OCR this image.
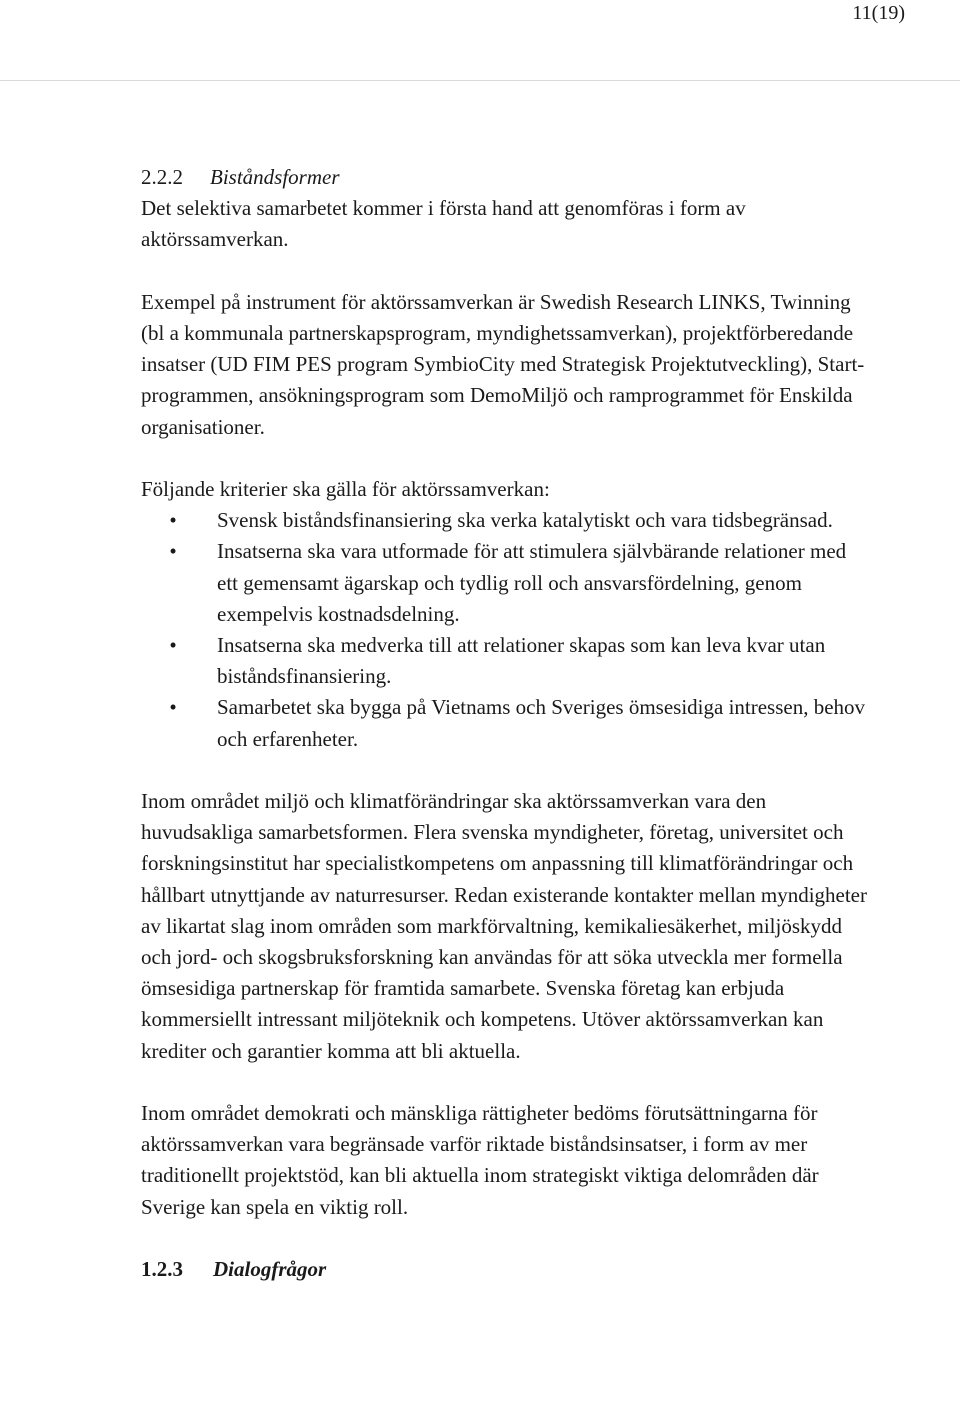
11(19)
2.2.2 Biståndsformer

Det selektiva samarbetet kommer i första hand att genomföras i form av aktörssamverkan.

Exempel på instrument för aktörssamverkan är Swedish Research LINKS, Twinning (bl a kommunala partnerskapsprogram, myndighetssamverkan), projektförberedande insatser (UD FIM PES program SymbioCity med Strategisk Projektutveckling), Start-programmen, ansökningsprogram som DemoMiljö och ramprogrammet för Enskilda organisationer.

Följande kriterier ska gälla för aktörssamverkan:

•	Svensk biståndsfinansiering ska verka katalytiskt och vara tidsbegränsad.
•	Insatserna ska vara utformade för att stimulera självbärande relationer med ett gemensamt ägarskap och tydlig roll och ansvarsfördelning, genom exempelvis kostnadsdelning.
•	Insatserna ska medverka till att relationer skapas som kan leva kvar utan biståndsfinansiering.
•	Samarbetet ska bygga på Vietnams och Sveriges ömsesidiga intressen, behov och erfarenheter.

Inom området miljö och klimatförändringar ska aktörssamverkan vara den huvudsakliga samarbetsformen. Flera svenska myndigheter, företag, universitet och forskningsinstitut har specialistkompetens om anpassning till klimatförändringar och hållbart utnyttjande av naturresurser. Redan existerande kontakter mellan myndigheter av likartat slag inom områden som markförvaltning, kemikaliesäkerhet, miljöskydd och jord- och skogsbruksforskning kan användas för att söka utveckla mer formella ömsesidiga partnerskap för framtida samarbete. Svenska företag kan erbjuda kommersiellt intressant miljöteknik och kompetens. Utöver aktörssamverkan kan krediter och garantier komma att bli aktuella.

Inom området demokrati och mänskliga rättigheter bedöms förutsättningarna för aktörssamverkan vara begränsade varför riktade biståndsinsatser, i form av mer traditionellt projektstöd, kan bli aktuella inom strategiskt viktiga delområden där Sverige kan spela en viktig roll.

1.2.3 Dialogfrågor
